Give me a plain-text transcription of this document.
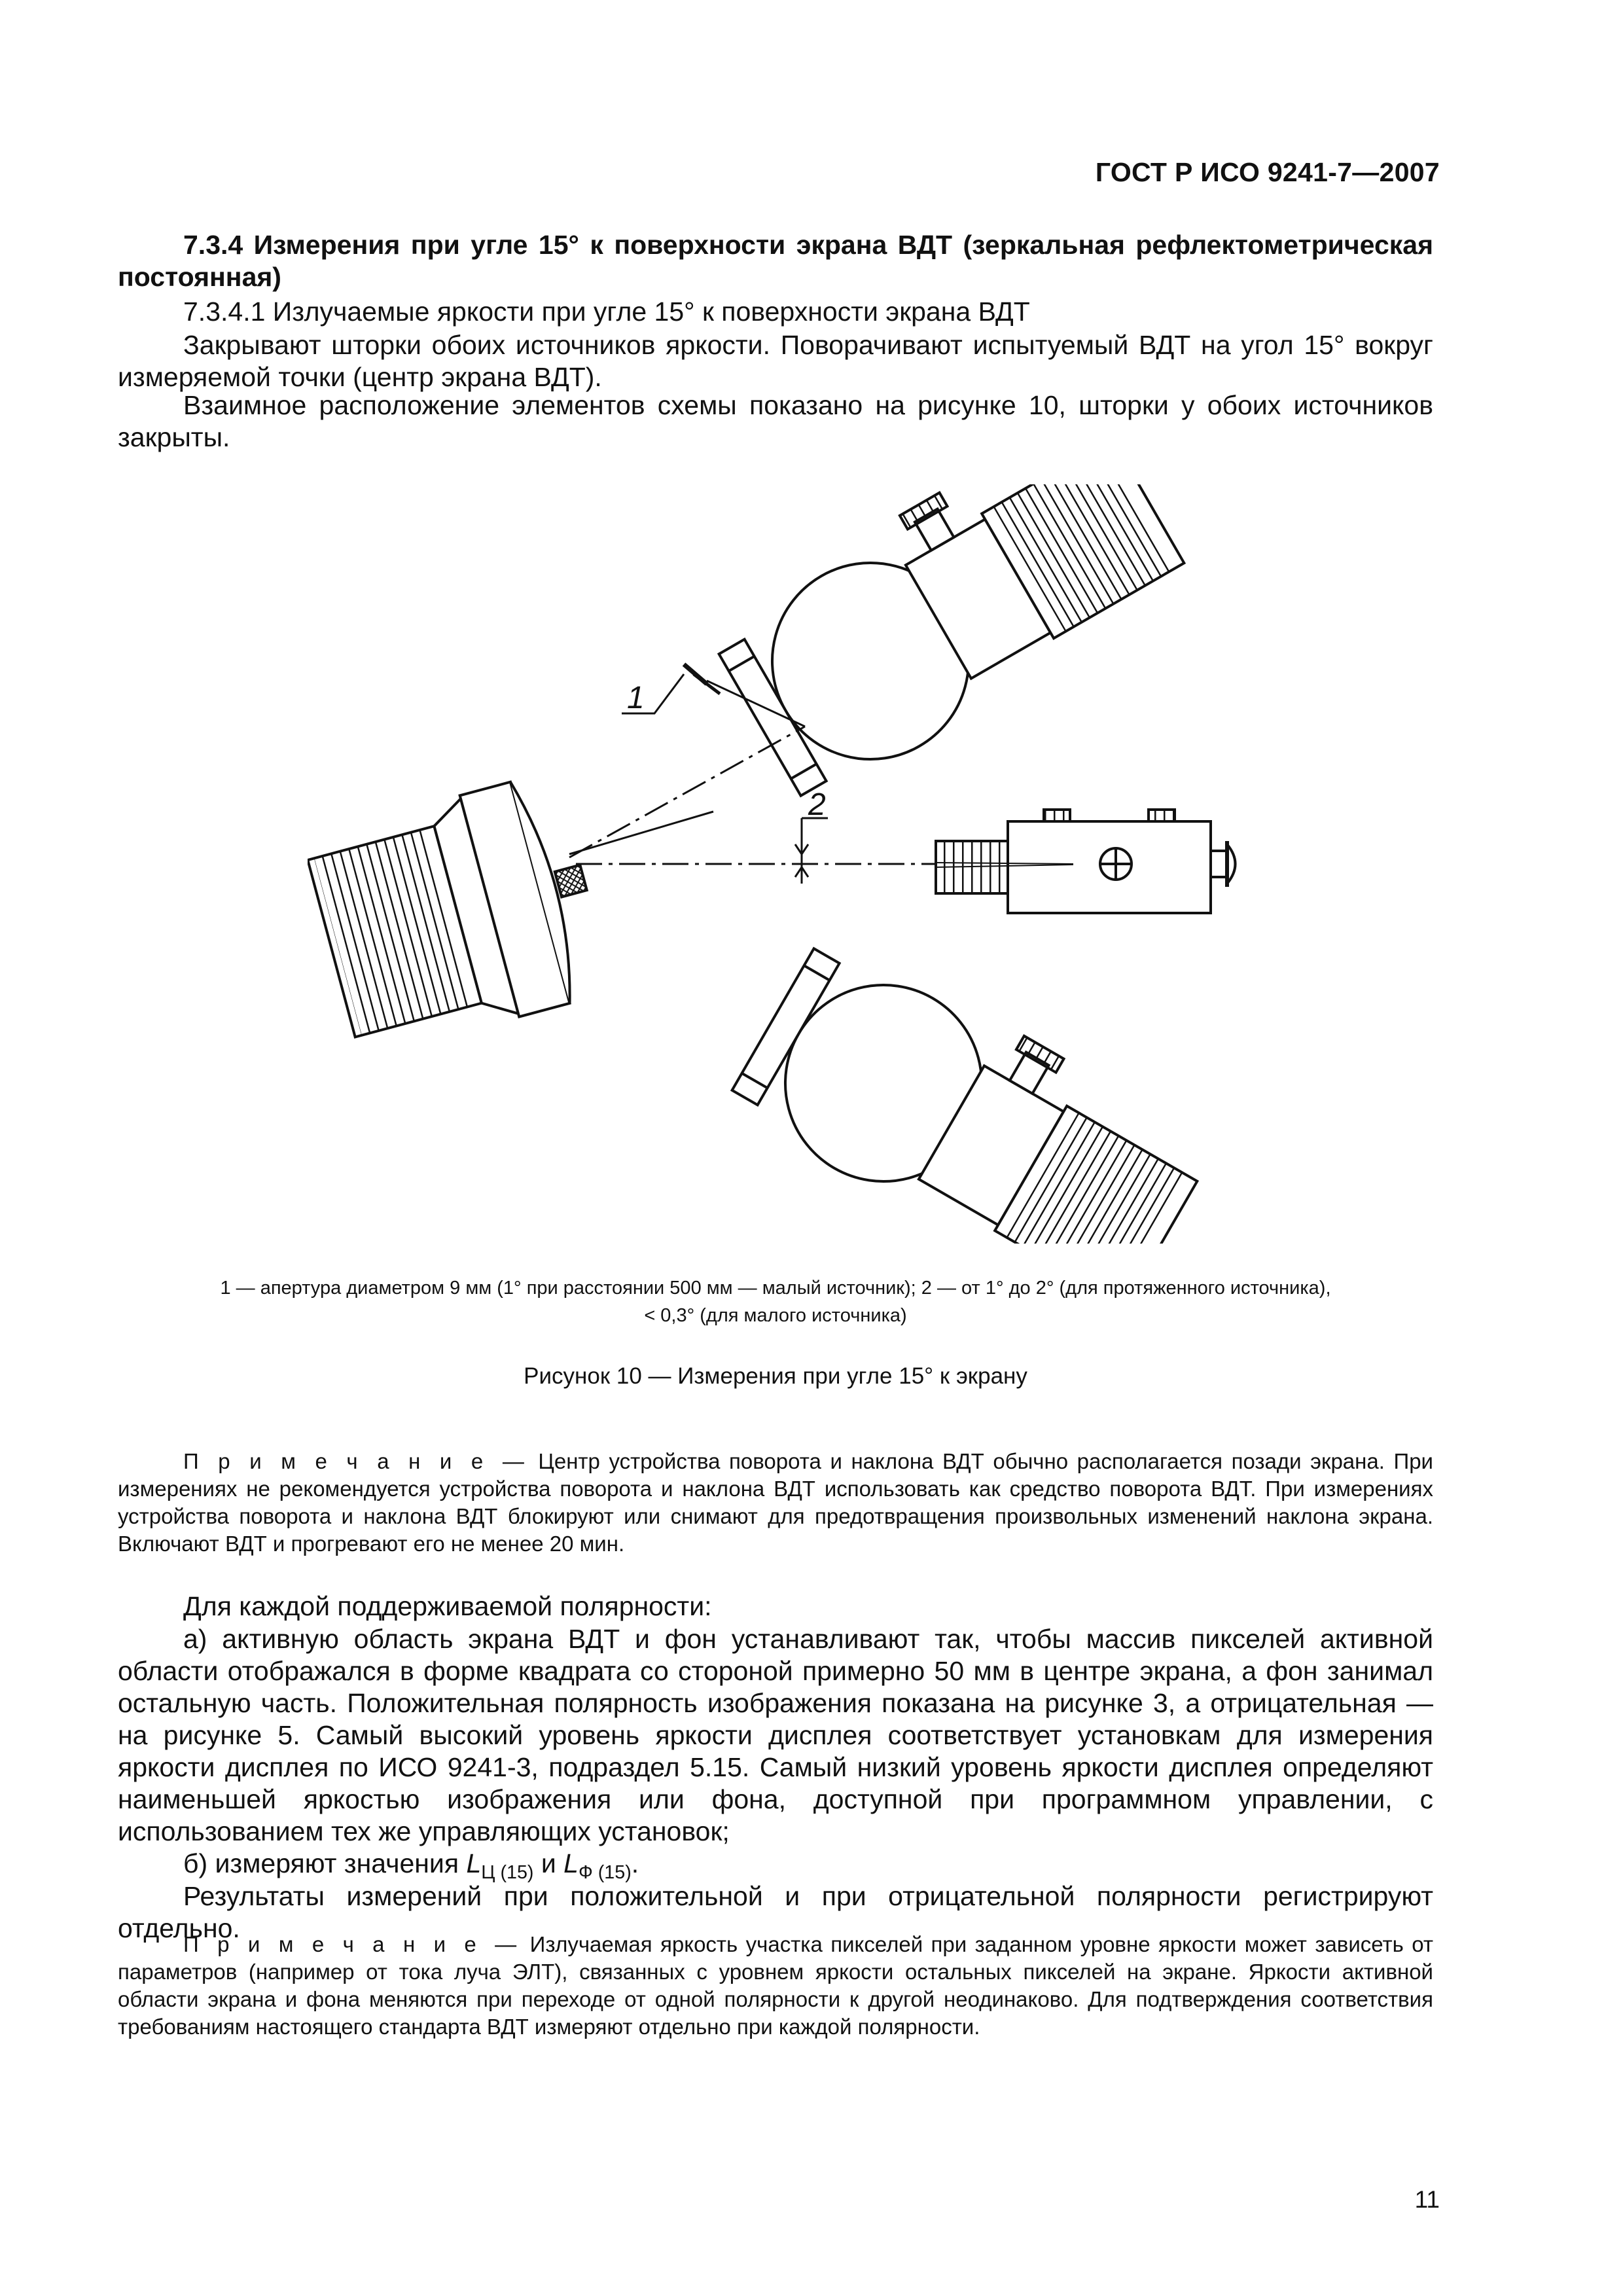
ГОСТ Р ИСО 9241-7—2007
7.3.4 Измерения при угле 15° к поверхности экрана ВДТ (зеркальная рефлектометрическая постоянная)
7.3.4.1 Излучаемые яркости при угле 15° к поверхности экрана ВДТ
Закрывают шторки обоих источников яркости. Поворачивают испытуемый ВДТ на угол 15° вокруг измеряемой точки (центр экрана ВДТ).
Взаимное расположение элементов схемы показано на рисунке 10, шторки у обоих источников закрыты.
1
2
1 — апертура диаметром 9 мм (1° при расстоянии 500 мм — малый источник); 2 — от 1° до 2° (для протяженного источника),
< 0,3° (для малого источника)
Рисунок 10 — Измерения при угле 15° к экрану
П р и м е ч а н и е — Центр устройства поворота и наклона ВДТ обычно располагается позади экрана. При измерениях не рекомендуется устройства поворота и наклона ВДТ использовать как средство поворота ВДТ. При измерениях устройства поворота и наклона ВДТ блокируют или снимают для предотвращения произвольных изменений наклона экрана. Включают ВДТ и прогревают его не менее 20 мин.
Для каждой поддерживаемой полярности:
а) активную область экрана ВДТ и фон устанавливают так, чтобы массив пикселей активной области отображался в форме квадрата со стороной примерно 50 мм в центре экрана, а фон занимал остальную часть. Положительная полярность изображения показана на рисунке 3, а отрицательная — на рисунке 5. Самый высокий уровень яркости дисплея соответствует установкам для измерения яркости дисплея по ИСО 9241-3, подраздел 5.15. Самый низкий уровень яркости дисплея определяют наименьшей яркостью изображения или фона, доступной при программном управлении, с использованием тех же управляющих установок;
б) измеряют значения $L_{Ц (15)}$ и $L_{Ф (15)}$.
Результаты измерений при положительной и при отрицательной полярности регистрируют отдельно.
П р и м е ч а н и е — Излучаемая яркость участка пикселей при заданном уровне яркости может зависеть от параметров (например от тока луча ЭЛТ), связанных с уровнем яркости остальных пикселей на экране. Яркости активной области экрана и фона меняются при переходе от одной полярности к другой неодинаково. Для подтверждения соответствия требованиям настоящего стандарта ВДТ измеряют отдельно при каждой полярности.
11
